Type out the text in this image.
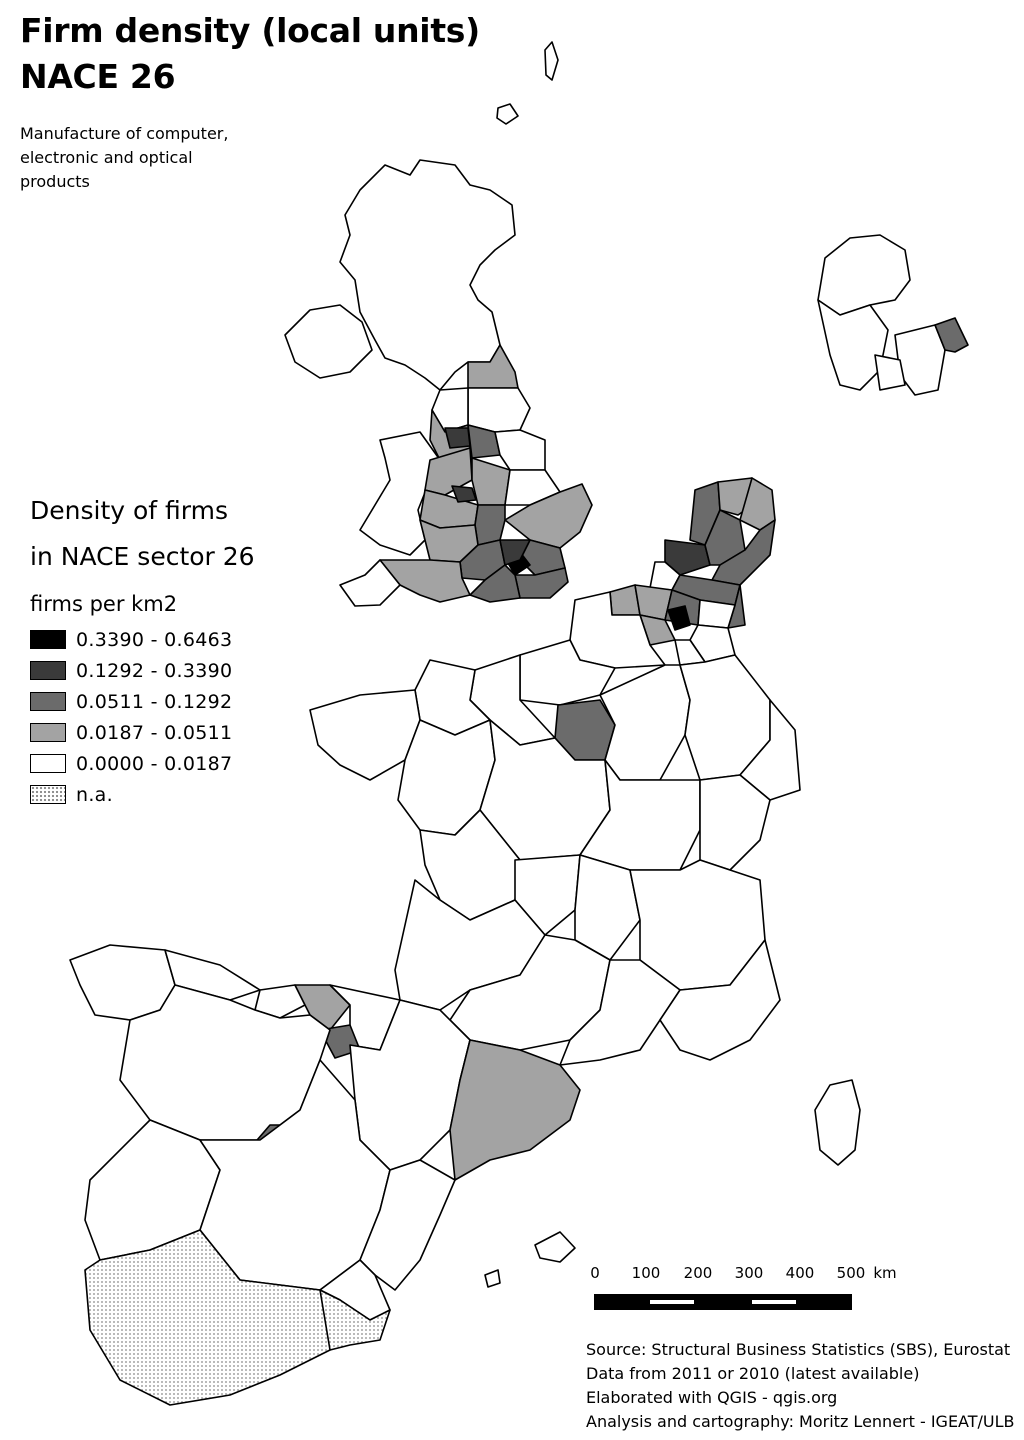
Firm density (local units)
NACE 26
Manufacture of computer,
electronic and optical
products
Density of firms
in NACE sector 26
firms per km2
0.3390 - 0.6463
0.1292 - 0.3390
0.0511 - 0.1292
0.0187 - 0.0511
0.0000 - 0.0187
n.a.
0 100 200 300 400 500 km
Source: Structural Business Statistics (SBS), Eurostat
Data from 2011 or 2010 (latest available)
Elaborated with QGIS - qgis.org
Analysis and cartography: Moritz Lennert - IGEAT/ULB
